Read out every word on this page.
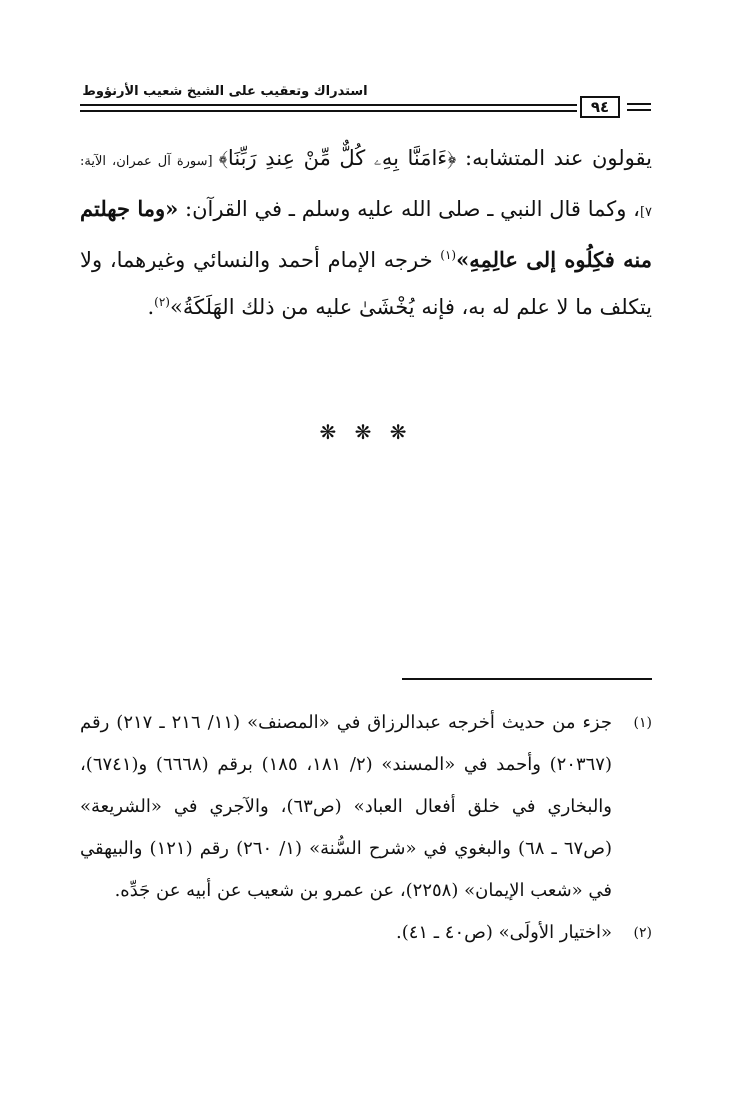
استدراك وتعقيب على الشيخ شعيب الأرنؤوط
٩٤
يقولون عند المتشابه: ﴿ءَامَنَّا بِهِۦ كُلٌّ مِّنْ عِندِ رَبِّنَا﴾ [سورة آل عمران، الآية: ٧]، وكما قال النبي ـ صلى الله عليه وسلم ـ في القرآن: «وما جهلتم منه فكِلُوه إلى عالِمِهِ»$^{(١)}$ خرجه الإمام أحمد والنسائي وغيرهما، ولا يتكلف ما لا علم له به، فإنه يُخْشَىٰ عليه من ذلك الهَلَكَةُ»$^{(٢)}$.
❋ ❋ ❋
(١)
جزء من حديث أخرجه عبدالرزاق في «المصنف» (١١/ ٢١٦ ـ ٢١٧) رقم (٢٠٣٦٧) وأحمد في «المسند» (٢/ ١٨١، ١٨٥) برقم (٦٦٦٨) و(٦٧٤١)، والبخاري في خلق أفعال العباد» (ص٦٣)، والآجري في «الشريعة» (ص٦٧ ـ ٦٨) والبغوي في «شرح السُّنة» (١/ ٢٦٠) رقم (١٢١) والبيهقي في «شعب الإيمان» (٢٢٥٨)، عن عمرو بن شعيب عن أبيه عن جَدِّه.
(٢)
«اختيار الأولَى» (ص٤٠ ـ ٤١).
